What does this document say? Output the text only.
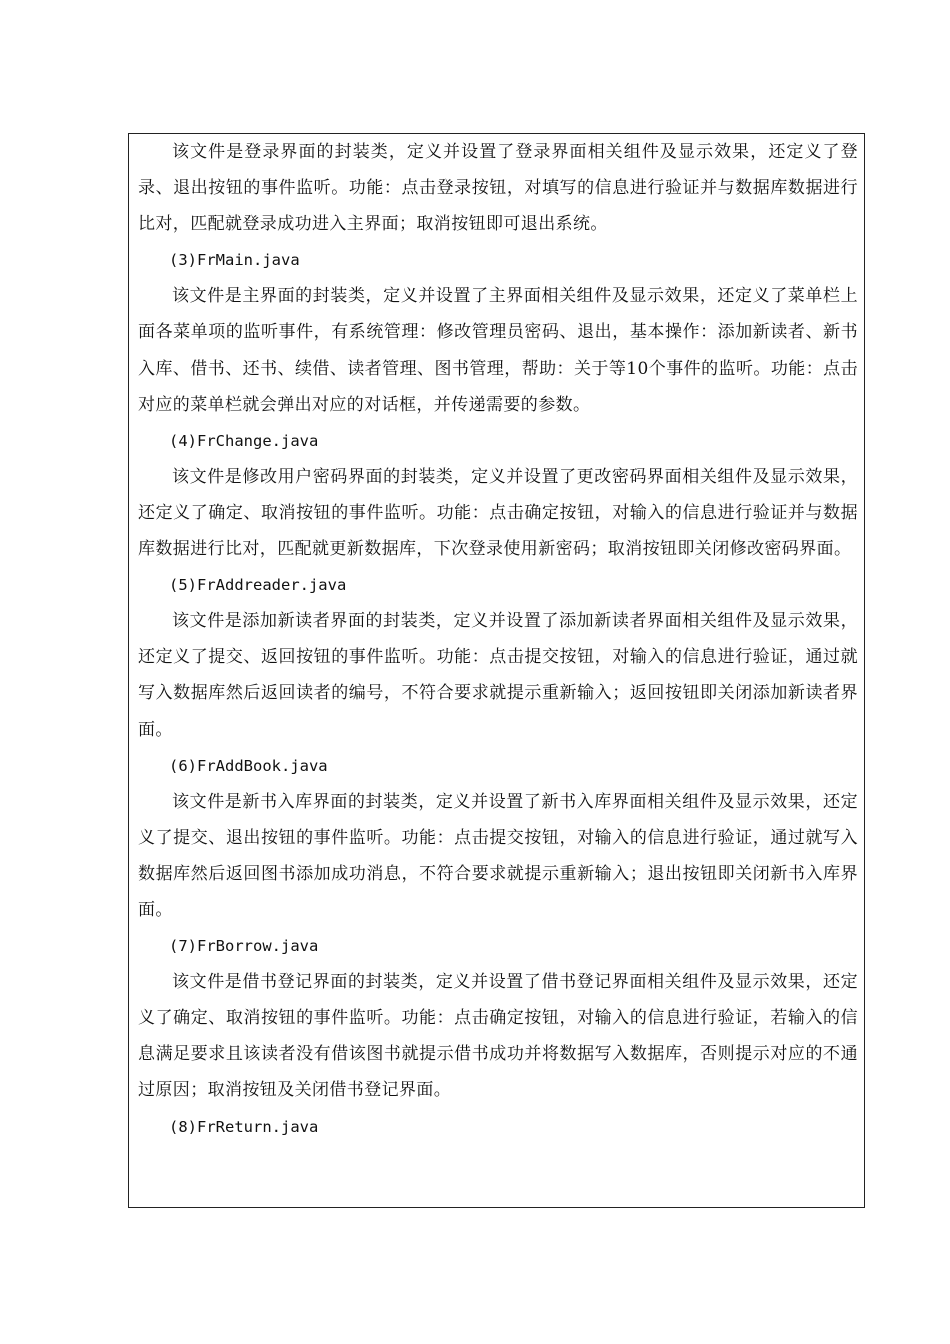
该文件是登录界面的封装类，定义并设置了登录界面相关组件及显示效果，还定义了登录、退出按钮的事件监听。功能：点击登录按钮，对填写的信息进行验证并与数据库数据进行比对，匹配就登录成功进入主界面；取消按钮即可退出系统。

(3)FrMain.java

该文件是主界面的封装类，定义并设置了主界面相关组件及显示效果，还定义了菜单栏上面各菜单项的监听事件，有系统管理：修改管理员密码、退出，基本操作：添加新读者、新书入库、借书、还书、续借、读者管理、图书管理，帮助：关于等10个事件的监听。功能：点击对应的菜单栏就会弹出对应的对话框，并传递需要的参数。

(4)FrChange.java

该文件是修改用户密码界面的封装类，定义并设置了更改密码界面相关组件及显示效果，还定义了确定、取消按钮的事件监听。功能：点击确定按钮，对输入的信息进行验证并与数据库数据进行比对，匹配就更新数据库，下次登录使用新密码；取消按钮即关闭修改密码界面。

(5)FrAddreader.java

该文件是添加新读者界面的封装类，定义并设置了添加新读者界面相关组件及显示效果，还定义了提交、返回按钮的事件监听。功能：点击提交按钮，对输入的信息进行验证，通过就写入数据库然后返回读者的编号，不符合要求就提示重新输入；返回按钮即关闭添加新读者界面。

(6)FrAddBook.java

该文件是新书入库界面的封装类，定义并设置了新书入库界面相关组件及显示效果，还定义了提交、退出按钮的事件监听。功能：点击提交按钮，对输入的信息进行验证，通过就写入数据库然后返回图书添加成功消息，不符合要求就提示重新输入；退出按钮即关闭新书入库界面。

(7)FrBorrow.java

该文件是借书登记界面的封装类，定义并设置了借书登记界面相关组件及显示效果，还定义了确定、取消按钮的事件监听。功能：点击确定按钮，对输入的信息进行验证，若输入的信息满足要求且该读者没有借该图书就提示借书成功并将数据写入数据库，否则提示对应的不通过原因；取消按钮及关闭借书登记界面。

(8)FrReturn.java
